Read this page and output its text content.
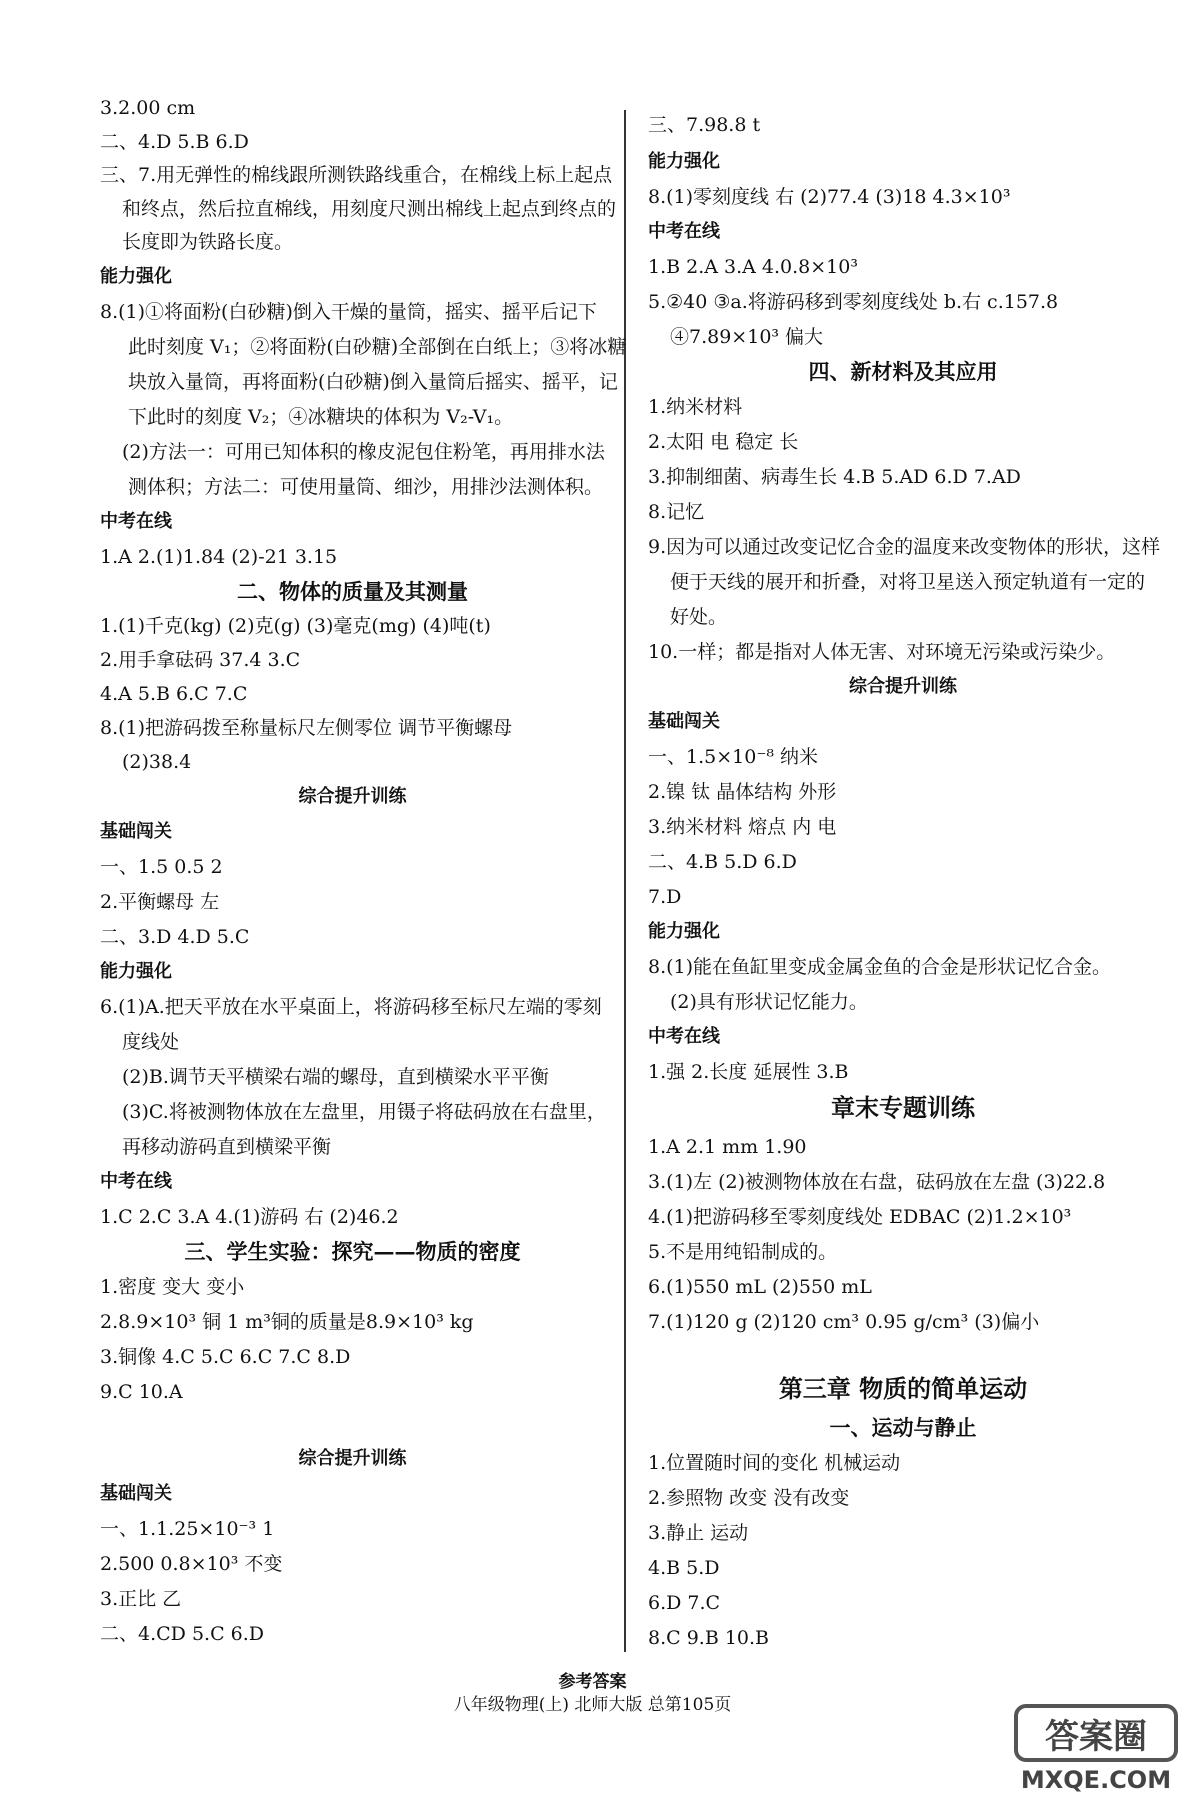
3.2.00 cm
二、4.D 5.B 6.D
三、7.用无弹性的棉线跟所测铁路线重合，在棉线上标上起点
和终点，然后拉直棉线，用刻度尺测出棉线上起点到终点的
长度即为铁路长度。
能力强化
8.(1)①将面粉(白砂糖)倒入干燥的量筒，摇实、摇平后记下
此时刻度 V₁；②将面粉(白砂糖)全部倒在白纸上；③将冰糖
块放入量筒，再将面粉(白砂糖)倒入量筒后摇实、摇平，记
下此时的刻度 V₂；④冰糖块的体积为 V₂-V₁。
(2)方法一：可用已知体积的橡皮泥包住粉笔，再用排水法
测体积；方法二：可使用量筒、细沙，用排沙法测体积。
中考在线
1.A 2.(1)1.84 (2)-21 3.15
二、物体的质量及其测量
1.(1)千克(kg) (2)克(g) (3)毫克(mg) (4)吨(t)
2.用手拿砝码 37.4 3.C
4.A 5.B 6.C 7.C
8.(1)把游码拨至称量标尺左侧零位 调节平衡螺母
(2)38.4
综合提升训练
基础闯关
一、1.5 0.5 2
2.平衡螺母 左
二、3.D 4.D 5.C
能力强化
6.(1)A.把天平放在水平桌面上，将游码移至标尺左端的零刻
度线处
(2)B.调节天平横梁右端的螺母，直到横梁水平平衡
(3)C.将被测物体放在左盘里，用镊子将砝码放在右盘里，
再移动游码直到横梁平衡
中考在线
1.C 2.C 3.A 4.(1)游码 右 (2)46.2
三、学生实验：探究——物质的密度
1.密度 变大 变小
2.8.9×10³ 铜 1 m³铜的质量是8.9×10³ kg
3.铜像 4.C 5.C 6.C 7.C 8.D
9.C 10.A
综合提升训练
基础闯关
一、1.1.25×10⁻³ 1
2.500 0.8×10³ 不变
3.正比 乙
二、4.CD 5.C 6.D
三、7.98.8 t
能力强化
8.(1)零刻度线 右 (2)77.4 (3)18 4.3×10³
中考在线
1.B 2.A 3.A 4.0.8×10³
5.②40 ③a.将游码移到零刻度线处 b.右 c.157.8
④7.89×10³ 偏大
四、新材料及其应用
1.纳米材料
2.太阳 电 稳定 长
3.抑制细菌、病毒生长 4.B 5.AD 6.D 7.AD
8.记忆
9.因为可以通过改变记忆合金的温度来改变物体的形状，这样
便于天线的展开和折叠，对将卫星送入预定轨道有一定的
好处。
10.一样；都是指对人体无害、对环境无污染或污染少。
综合提升训练
基础闯关
一、1.5×10⁻⁸ 纳米
2.镍 钛 晶体结构 外形
3.纳米材料 熔点 内 电
二、4.B 5.D 6.D
7.D
能力强化
8.(1)能在鱼缸里变成金属金鱼的合金是形状记忆合金。
(2)具有形状记忆能力。
中考在线
1.强 2.长度 延展性 3.B
章末专题训练
1.A 2.1 mm 1.90
3.(1)左 (2)被测物体放在右盘，砝码放在左盘 (3)22.8
4.(1)把游码移至零刻度线处 EDBAC (2)1.2×10³
5.不是用纯铅制成的。
6.(1)550 mL (2)550 mL
7.(1)120 g (2)120 cm³ 0.95 g/cm³ (3)偏小
第三章 物质的简单运动
一、运动与静止
1.位置随时间的变化 机械运动
2.参照物 改变 没有改变
3.静止 运动
4.B 5.D
6.D 7.C
8.C 9.B 10.B
参考答案
八年级物理(上) 北师大版 总第105页
答案圈
MXQE.COM
